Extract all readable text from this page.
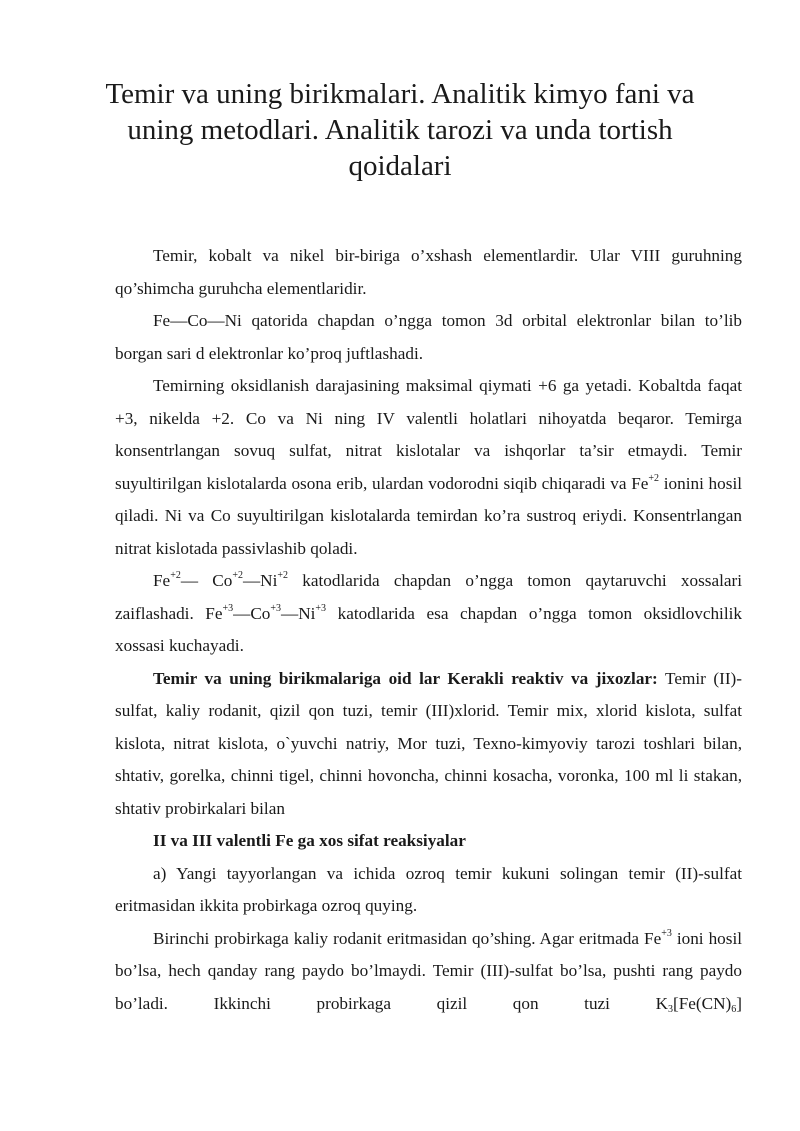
Temir va uning birikmalari. Analitik kimyo fani va uning metodlari. Analitik tarozi va unda tortish qoidalari

Temir, kobalt va nikel bir-biriga o’xshash elementlardir. Ular VIII guruhning qo’shimcha guruhcha elementlaridir.

Fe—Co—Ni qatorida chapdan o’ngga tomon 3d orbital elektronlar bilan to’lib borgan sari d elektronlar ko’proq juftlashadi.

Temirning oksidlanish darajasining maksimal qiymati +6 ga yetadi. Kobaltda faqat +3, nikelda +2. Co va Ni ning IV valentli holatlari nihoyatda beqaror. Temirga konsentrlangan sovuq sulfat, nitrat kislotalar va ishqorlar ta’sir etmaydi. Temir suyultirilgan kislotalarda osona erib, ulardan vodorodni siqib chiqaradi va $Fe^{+2}$ ionini hosil qiladi. Ni va Co suyultirilgan kislotalarda temirdan ko’ra sustroq eriydi. Konsentrlangan nitrat kislotada passivlashib qoladi.

$Fe^{+2}—$ $Co^{+2}—Ni^{+2}$ katodlarida chapdan o’ngga tomon qaytaruvchi xossalari zaiflashadi. $Fe^{+3}—Co^{+3}—Ni^{+3}$ katodlarida esa chapdan o’ngga tomon oksidlovchilik xossasi kuchayadi.

Temir va uning birikmalariga oid lar Kerakli reaktiv va jixozlar: Temir (II)-sulfat, kaliy rodanit, qizil qon tuzi, temir (III)xlorid. Temir mix, xlorid kislota, sulfat kislota, nitrat kislota, o`yuvchi natriy, Mor tuzi, Texno-kimyoviy tarozi toshlari bilan, shtativ, gorelka, chinni tigel, chinni hovoncha, chinni kosacha, voronka, 100 ml li stakan, shtativ probirkalari bilan

II va III valentli Fe ga xos sifat reaksiyalar

a) Yangi tayyorlangan va ichida ozroq temir kukuni solingan temir (II)-sulfat eritmasidan ikkita probirkaga ozroq quying.

Birinchi probirkaga kaliy rodanit eritmasidan qo’shing. Agar eritmada $Fe^{+3}$ ioni hosil bo’lsa, hech qanday rang paydo bo’lmaydi. Temir (III)-sulfat bo’lsa, pushti rang paydo bo’ladi. Ikkinchi probirkaga qizil qon tuzi $K_3[Fe(CN)_6]$
